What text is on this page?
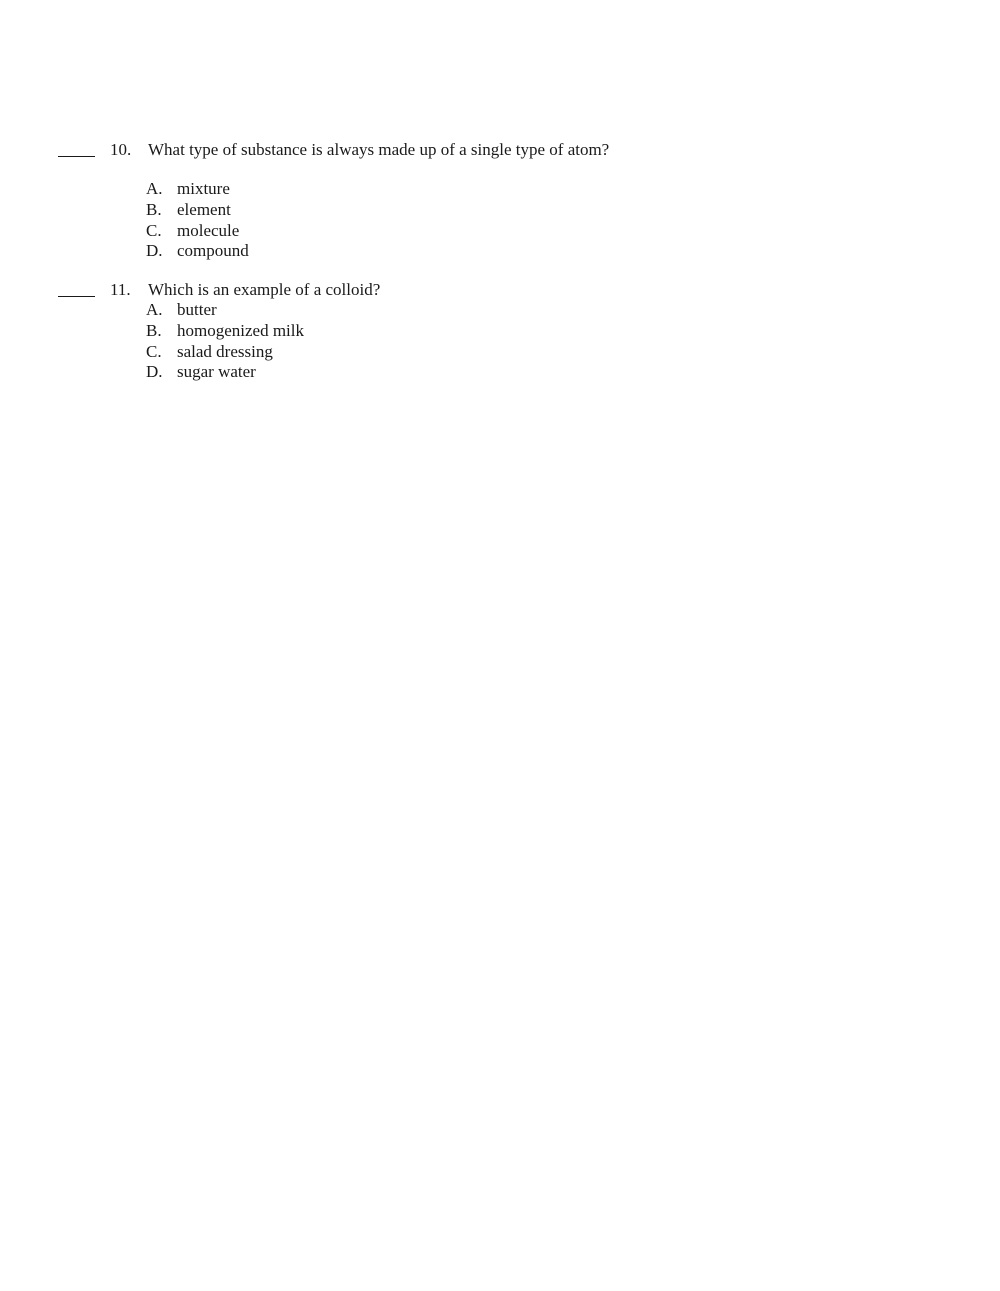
10. What type of substance is always made up of a single type of atom?
A. mixture
B. element
C. molecule
D. compound
11. Which is an example of a colloid?
A. butter
B. homogenized milk
C. salad dressing
D. sugar water
